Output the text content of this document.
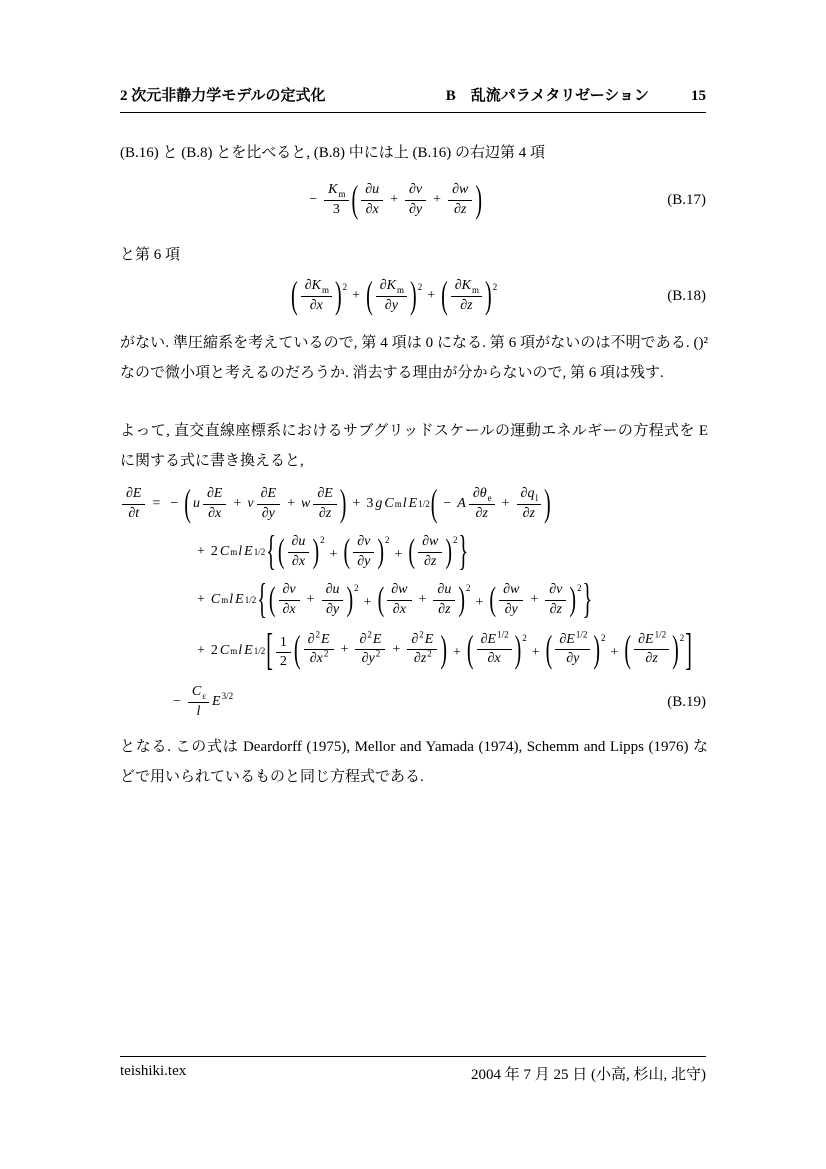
2 次元非静力学モデルの定式化	B　乱流パラメタリゼーション	15

(B.16) と (B.8) とを比べると, (B.8) 中には上 (B.16) の右辺第 4 項

− $\frac{K_m}{3}$ ( $\frac{\partial u}{\partial x} + \frac{\partial v}{\partial y} + \frac{\partial w}{\partial z}$ )	(B.17)

と第 6 項

( $\frac{\partial K_m}{\partial x} )^2$
+ ( $\frac{\partial K_m}{\partial y} )^2$
+ ( $\frac{\partial K_m}{\partial z} )^2$
(B.18)

がない. 準圧縮系を考えているので, 第 4 項は 0 になる. 第 6 項がないのは不明である. ()² なので微小項と考えるのだろうか. 消去する理由が分からないので, 第 6 項は残す.

よって, 直交直線座標系におけるサブグリッドスケールの運動エネルギーの方程式を E に関する式に書き換えると,

$\frac{\partial E}{\partial t}$ = − ( u $\frac{\partial E}{\partial x} + v \frac{\partial E}{\partial y} + w \frac{\partial E}{\partial z}$ ) + 3 g C m l E 1/2 ( − A $\frac{\partial\theta_e}{\partial z} + \frac{\partial q_l}{\partial z}$ )
+ 2 C m l E 1/2 { ( $\frac{\partial u}{\partial x}$ ) $^2$+ ( $\frac{\partial v}{\partial y}$ ) $^2$+ ( $\frac{\partial w}{\partial z}$ ) $^2$ }
+ C m l E 1/2 { ( $\frac{\partial v}{\partial x} + \frac{\partial u}{\partial y}$ ) $^2$+ ( $\frac{\partial w}{\partial x} + \frac{\partial u}{\partial z}$ ) $^2$+ ( $\frac{\partial w}{\partial y} + \frac{\partial v}{\partial z}$ ) $^2$ }
+ 2 C m l E 1/2 [ $\frac{1}{2}$ ( $\frac{\partial^2E}{\partial x^2} + \frac{\partial^2E}{\partial y^2} + \frac{\partial^2E}{\partial z^2}$ ) + ( $\frac{\partial E^{1/2}}{\partial x}$ ) $^2$+ ( $\frac{\partial E^{1/2}}{\partial y}$ ) $^2$+ ( $\frac{\partial E^{1/2}}{\partial z}$ ) $^2$ ]
− $\frac{C_\varepsilon}{l} E^{3/2}$	(B.19)

となる. この式は Deardorff (1975), Mellor and Yamada (1974), Schemm and Lipps (1976) などで用いられているものと同じ方程式である.

teishiki.tex	2004 年 7 月 25 日 (小高, 杉山, 北守)
